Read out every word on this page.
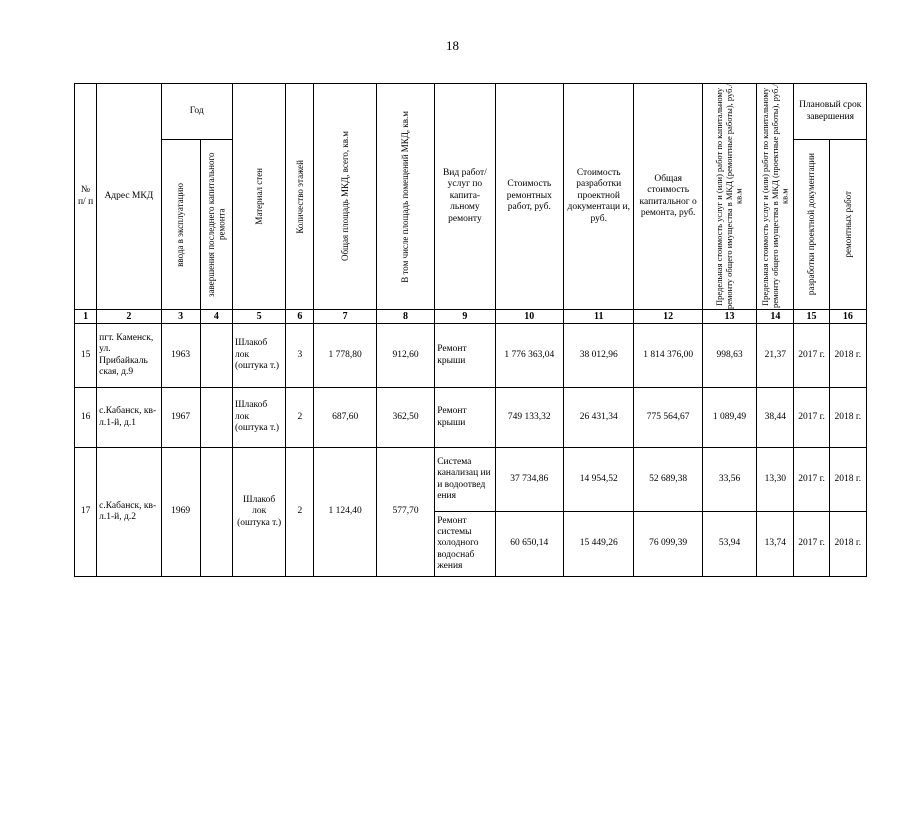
18
№ п/ п	Адрес МКД	Год		Материал стен	Количество этажей	Общая площадь МКД, всего, кв.м	В том числе площадь помещений МКД, кв.м	Вид работ/ услуг по капита- льному ремонту	Стоимость ремонтных работ, руб.	Стоимость разработки проектной документаци и, руб.	Общая стоимость капитальног о ремонта, руб.	Предельная стоимость услуг и (или) работ по капитальному ремонту общего имущества в МКД (ремонтные работы), руб./кв.м	Предельная стоимость услуг и (или) работ по капитальному ремонту общего имущества в МКД (проектные работы), руб./кв.м	Плановый срок завершения	

		ввода в эксплуатацию	завершения последнего капитального ремонта											разработки проектной документации	ремонтных работ

1	2	3	4	5	6	7	8	9	10	11	12	13	14	15	16
15	пгт. Каменск, ул. Прибайкаль ская, д.9	1963		Шлакоб лок (оштука т.)	3	1 778,80	912,60	Ремонт крыши	1 776 363,04	38 012,96	1 814 376,00	998,63	21,37	2017 г.	2018 г.
16	с.Кабанск, кв-л.1-й, д.1	1967		Шлакоб лок (оштука т.)	2	687,60	362,50	Ремонт крыши	749 133,32	26 431,34	775 564,67	1 089,49	38,44	2017 г.	2018 г.
17	с.Кабанск, кв-л.1-й, д.2	1969		Шлакоб лок (оштука т.)	2	1 124,40	577,70	Система канализац ии и водоотвед ения	37 734,86	14 954,52	52 689,38	33,56	13,30	2017 г.	2018 г.
								Ремонт системы холодного водоснаб жения	60 650,14	15 449,26	76 099,39	53,94	13,74	2017 г.	2018 г.
